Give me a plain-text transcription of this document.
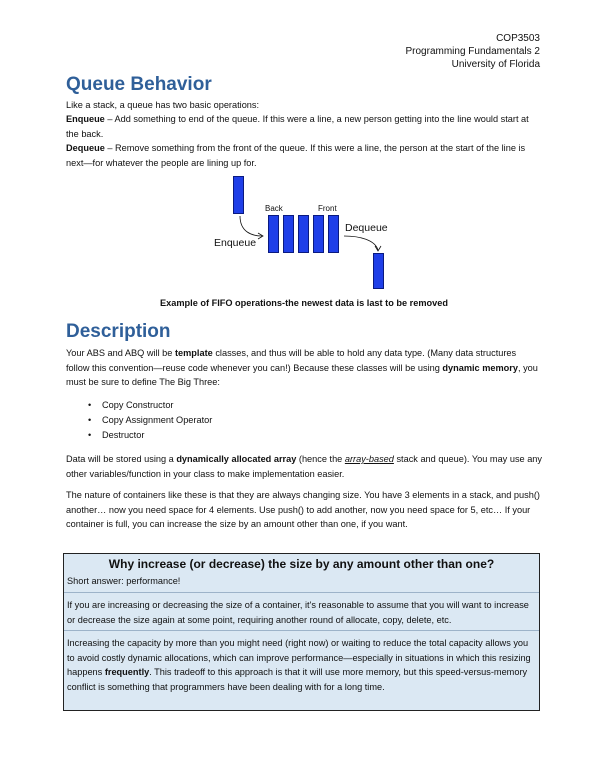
COP3503
Programming Fundamentals 2
University of Florida
Queue Behavior

Like a stack, a queue has two basic operations:

Enqueue – Add something to end of the queue. If this were a line, a new person getting into the line would start at the back.

Dequeue – Remove something from the front of the queue. If this were a line, the person at the start of the line is next—for whatever the people are lining up for.

Back	Front
Enqueue
Dequeue
Example of FIFO operations-the newest data is last to be removed
Description

Your ABS and ABQ will be template classes, and thus will be able to hold any data type. (Many data structures follow this convention—reuse code whenever you can!) Because these classes will be using dynamic memory, you must be sure to define The Big Three:

• Copy Constructor
• Copy Assignment Operator
• Destructor

Data will be stored using a dynamically allocated array (hence the array-based stack and queue). You may use any other variables/function in your class to make implementation easier.

The nature of containers like these is that they are always changing size. You have 3 elements in a stack, and push() another… now you need space for 4 elements. Use push() to add another, now you need space for 5, etc… If your container is full, you can increase the size by an amount other than one, if you want.

Why increase (or decrease) the size by any amount other than one?

Short answer: performance!

If you are increasing or decreasing the size of a container, it's reasonable to assume that you will want to increase or decrease the size again at some point, requiring another round of allocate, copy, delete, etc.

Increasing the capacity by more than you might need (right now) or waiting to reduce the total capacity allows you to avoid costly dynamic allocations, which can improve performance—especially in situations in which this resizing happens frequently. This tradeoff to this approach is that it will use more memory, but this speed-versus-memory conflict is something that programmers have been dealing with for a long time.
